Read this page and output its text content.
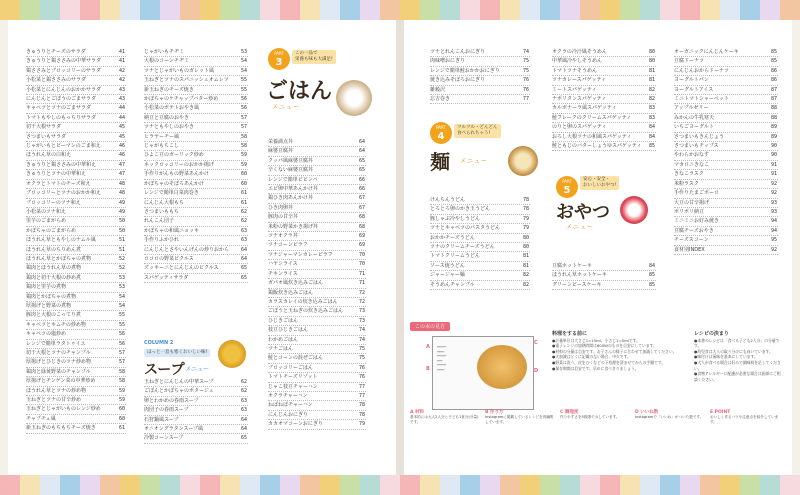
きゅうりとチーズのサラダ	41
きゅうりと鶏ささみの中華サラダ	41
鶏ささみとブロッコリーのサラダ	42
小松菜と鶏ささみのサラダ	42
小松菜とにんじんのおかかサラダ	43
にんじんとごぼうのごまサラダ	43
キャベツとツナのごまサラダ	44
トマトもやしのもっちりサラダ	44
切干大根サラダ	45
さつまいもサラダ	45
じゃがいもとピーマンのごま和え	46
ほうれん草の白和え	46
きゅうりと鶏ささみの中華和え	47
きゅうりとツナの中華和え	47
オクラとトマトのチーズ和え	48
ブロッコリーとツナのおかか和え	48
ブロッコリーのツナ和え	49
小松菜のツナ和え	49
里芋のごまがらめ	50
かぼちゃのごまがらめ	50
ほうれん草ともやしのナムル風	51
ほうれん草のちりめん煮	51
ほうれん草とかぼちゃの煮物	52
鶏肉とほうれん草の煮物	52
鶏肉と切干大根の炒め煮	53
鶏肉と里芋の煮物	53
鶏肉とかぼちゃの煮物	54
厚揚げと野菜の煮物	54
豚肉と大根のこってり煮	55
キャベツとキムチの炒め物	55
キャベツの塩炒め	56
レンジで簡単ラタトゥイユ	56
切干大根とツナのチャンプル	57
厚揚げとひじきのツナ炒め物	57
鶏肉と緑黄野菜のチャンプル	58
厚揚げとチンゲン菜の中華炒め	58
ほうれん草とツナの炒め物	59
玉ねぎとツナの甘辛炒め	59
玉ねぎとじゃがいものレンジ炒め	60
チャプチェ風	60
新玉ねぎのもちもちチーズ焼き	61
じゃがいもチヂミ	53
大根のコーンチヂミ	54
ツナとじゃがいものガレット風	54
玉ねぎとツナのスパニッシュオムレツ 55
新玉ねぎのチーズ焼き	55
かぼちゃのケチャップバター炒め	56
小松菜のポテトおやき風	56
納豆と豆腐のおやき	57
ツナともやしのおやき	57
ヒラヤーチー風	58
じゃがもちこし	58
ひよこ豆のガーリック炒め	59
ネックロッコリーのおかか揚げ	59
手作りがんもの野菜あんかけ	60
かぼちゃのそぼろあんかけ	60
レンジで簡単白菜肉巻き	61
にんじん大根もち	61
さつまいももち	62
れんこん団子	62
かぼちゃの和風ニョッキ	63
手作りふかひれ	63
にんじんとさやいんげんの炒りおから 64
ロコロの野菜ピクルス	64
ズッキーニとにんじんのピクルス	65
スパゲッティサラダ	65
栄養満点丼	64
麻婆豆腐丼	64
クッパ風麻婆豆腐丼	65
辛くない麻婆豆腐丼	65
レンジで簡単ビビンバ	66
エビ卵中華あんかけ丼	66
鶏ひき肉あんかけ丼	67
ひき肉卵丼	67
豚肉の甘辛丼	68
米粉の野菜かき揚げ丼	68
ツナオクラ丼	69
ツナコーンピラフ	69
ツナジャーマンカレーピラフ	70
ハヤシライス	70
チキンライス	71
ガパオ風炊き込みごはん	71
鶏飯炊き込みごはん	72
カラスカレイの炊き込みごはん	72
ごぼうと玉ねぎの炊き込みごはん	73
ひじきごはん	73
枝豆ひじきごはん	74
わかめごはん	74
ツナごはん	75
鮭とコーンの混ぜごはん	75
ブロッコリーごはん	76
トマトチーズリゾット	76
じゃこ枝豆チャーハン	77
オクラチャーハン	77
ねばねばチャーハン	78
にんじんおにぎり	78
カカオマコーンおにぎり	79
PART
3
この一品で
栄養も味も大満足!
ごはん
メニュー
COLUMN 2
ほっと一息も寒くおいしい味!
スープ メニュー
玉ねぎとにんじんの中華スープ	62
ごぼんとかぼちゃのポタージュ	62
卵とわかめの春雨スープ	63
肉団子の春雨スープ	63
石狩鍋風スープ	64
オニオングラタンスープ風	64
冷製コーンスープ	65
ツナとれんこんおにぎり	74
肉味噌おにぎり	75
レンジで簡単鮭おかかおにぎり	75
焼き込みそぼろおにぎり	76
雑穀沢	76
忘吉巻き	77
PART
4
ツルツル・どんどん
食べられちゃう!
麺 メニュー
けんちんうどん	78
とろとろ卵のかき玉うどん	78
豚しゃぶ冷やしうどん	79
ツナとキャベツのパスタうどん	79
おかかチーズうどん	80
ツナのクリームチーズうどん	80
トマトクリームうどん	81
ソース焼うどん	81
ジャージャー麺	82
そうめんチャンプル	82
オクラの冷汁風そうめん	80
中華風冷やしそうめん	80
トマトツナそうめん	81
ツナカレースパゲッティ	81
ミートスパゲッティ	82
ナポリタンスパゲッティ	82
カルボナーラ風スパゲッティ	83
鮭フレークのクリームスパゲッティ	83
のりと卵のスパゲッティ	84
おろし大根ツナの和風スパゲッティ	84
鮭ともじのバターしょうゆスパゲッティ 85
PART
5
安心・安全・
おいしいおやつ!
おやつ
メニュー
豆腐ホットケーキ	84
ほうれん草ホットケーキ	85
グリーンピースケーキ	85
オーガニックにんじんケーキ	85
豆腐ドーナツ	85
にんじんおからドーナツ	86
ヨーグルトパン	86
ヨーグルトアイス	87
ミニトマトシャーベット	87
アップルゼリー	88
みかんの牛乳寒天	88
いちごヨーグルト	89
さつまいもきんじょう	89
さつまいもチップス	90
やわらかおなす	90
マカロニきなこ	91
きなこラスク	91
米粉ラスク	92
手作りたまごボーロ	92
大豆の甘辛揚げ	93
ポリポリ納豆	93
ミニミニお好み焼き	94
豆腐チーズおやき	94
チーズスコーン	95
食材別INDEX	92
この本の見方
━━━━━
━━━━
━━━━━
━━━
━━━━━
━━━━
A
B
C
D
料理をする前に
●計量単位は大さじ1=15ml、小さじ1=5mlです。
●電子レンジの加熱時間は600Wのものを目安にしています。
●材料の分量は目安です。お子さんの様子に合わせて加減してください。
●火加減はとくに記載のない場合、中火です。
●野菜は洗う、皮をむくなどの下処理を済ませてからの手順です。
●保存期間は目安です。早めに食べきりましょう。
レシピの決まり
●本書のレシピは「食べる子ども2人分」の分量です。
●幼児食は大人の取り分けにも向いています。
●味付けは薄味を基本にしています。
●大人が食べる場合は好みで調味料を足してください。
●食物アレルギーに配慮が必要な場合は医師にご相談ください。
A 材料
基本的には大人2人分と子ども1食分(分量)です。
B 作り方
Instagramに掲載しているレシピを再編集しています。
C 調理度
作りやすさを5段階で示しています。
D いいね数
Instagramで「いいね」がついた数です。
E POINT
おいしく作るコツや注意点を紹介しています。
